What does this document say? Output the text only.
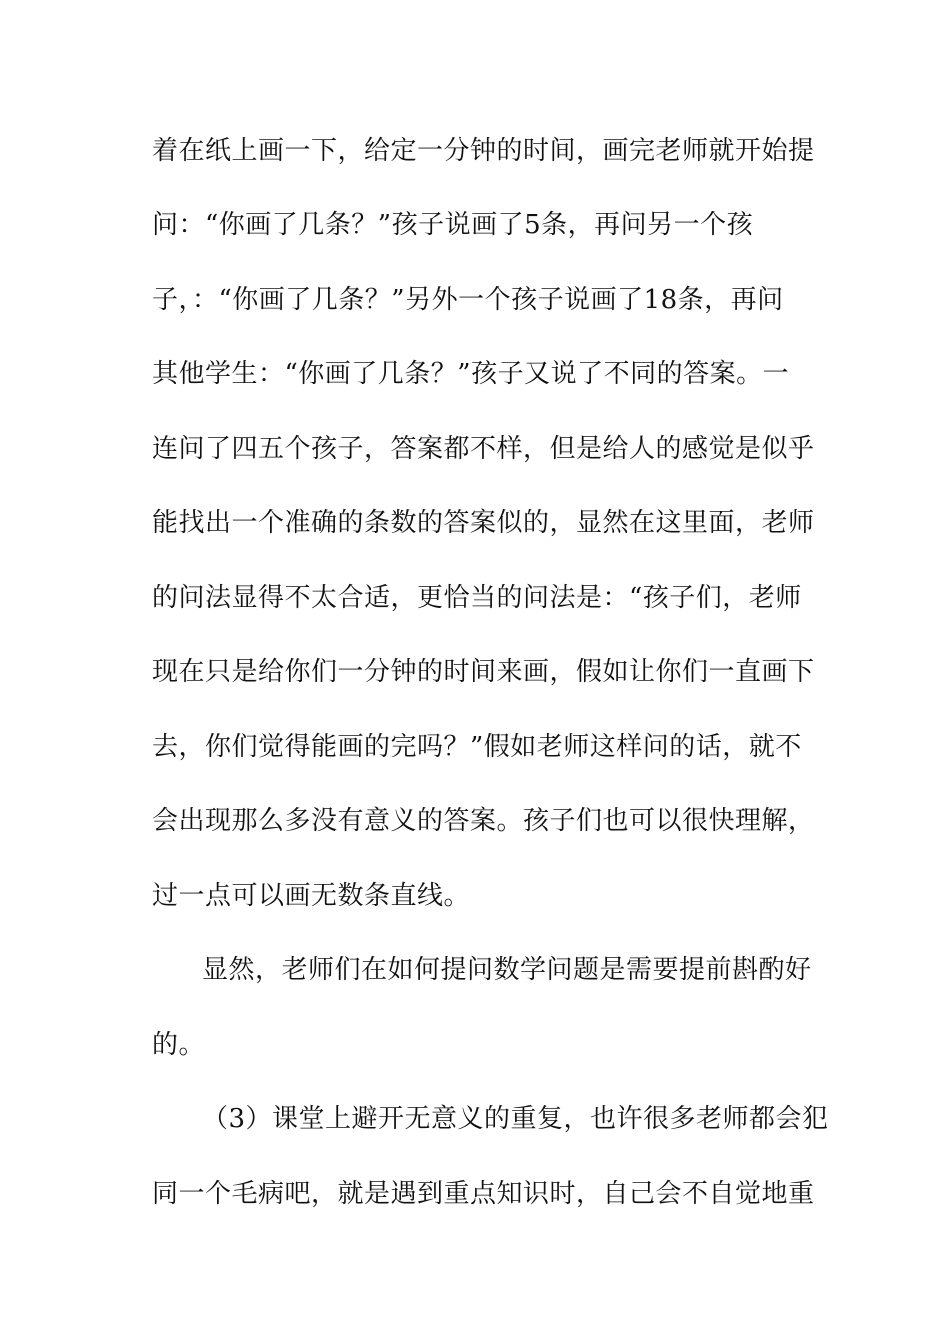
着在纸上画一下，给定一分钟的时间，画完老师就开始提
问：“你画了几条？”孩子说画了5条，再问另一个孩
子，：“你画了几条？”另外一个孩子说画了18条，再问
其他学生：“你画了几条？”孩子又说了不同的答案。一
连问了四五个孩子，答案都不样，但是给人的感觉是似乎
能找出一个准确的条数的答案似的，显然在这里面，老师
的问法显得不太合适，更恰当的问法是：“孩子们，老师
现在只是给你们一分钟的时间来画，假如让你们一直画下
去，你们觉得能画的完吗？”假如老师这样问的话，就不
会出现那么多没有意义的答案。孩子们也可以很快理解，
过一点可以画无数条直线。
显然，老师们在如何提问数学问题是需要提前斟酌好
的。
（3）课堂上避开无意义的重复，也许很多老师都会犯
同一个毛病吧，就是遇到重点知识时，自己会不自觉地重
